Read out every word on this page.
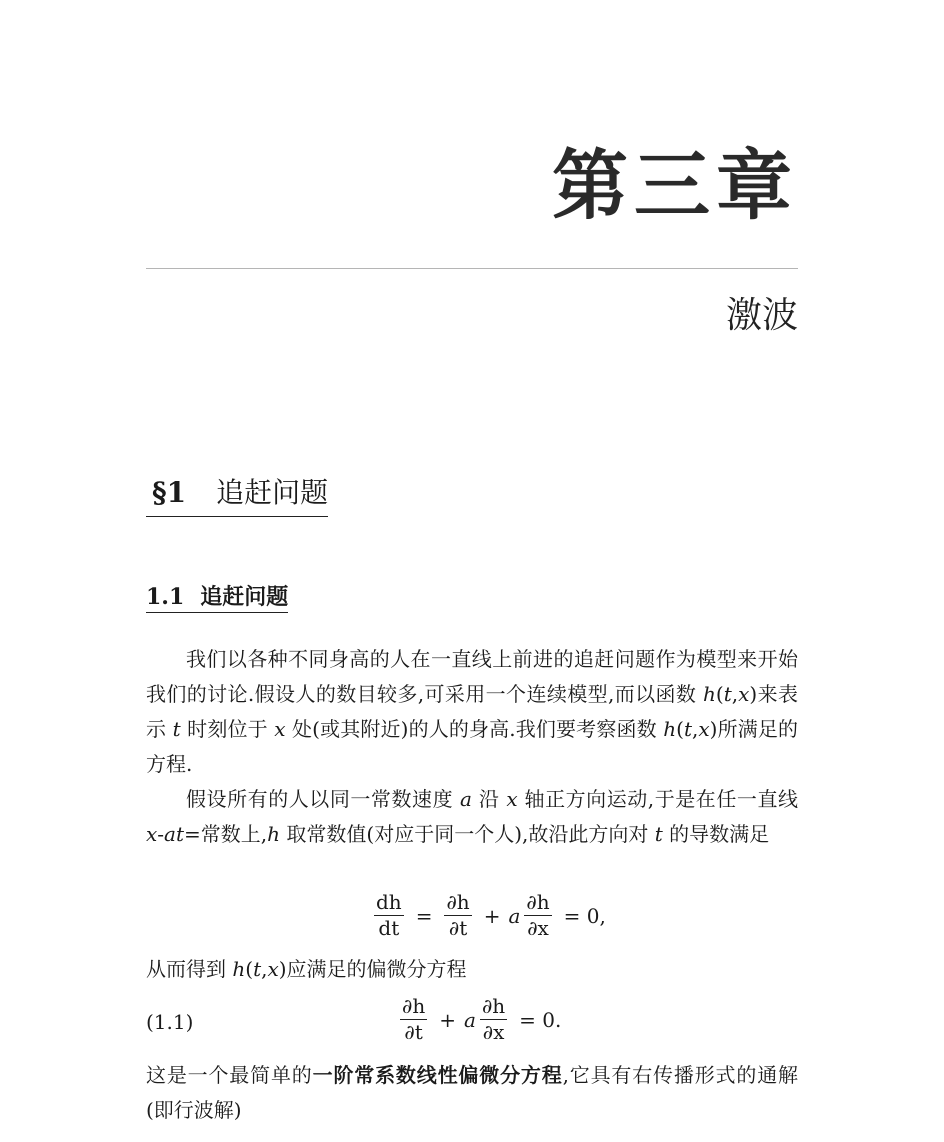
第三章
激波
§1 追赶问题
1.1 追赶问题

我们以各种不同身高的人在一直线上前进的追赶问题作为模型来开始我们的讨论.假设人的数目较多,可采用一个连续模型,而以函数 h(t,x)来表示 t 时刻位于 x 处(或其附近)的人的身高.我们要考察函数 h(t,x)所满足的方程.

假设所有的人以同一常数速度 a 沿 x 轴正方向运动,于是在任一直线 x-at=常数上,h 取常数值(对应于同一个人),故沿此方向对 t 的导数满足

$\frac{dh}{dt} = \frac{\partial h}{\partial t} + a \frac{\partial h}{\partial x} = 0$,

从而得到 h(t,x)应满足的偏微分方程

(1.1)	$\frac{\partial h}{\partial t} + a \frac{\partial h}{\partial x} = 0$.

这是一个最简单的一阶常系数线性偏微分方程,它具有右传播形式的通解(即行波解)
